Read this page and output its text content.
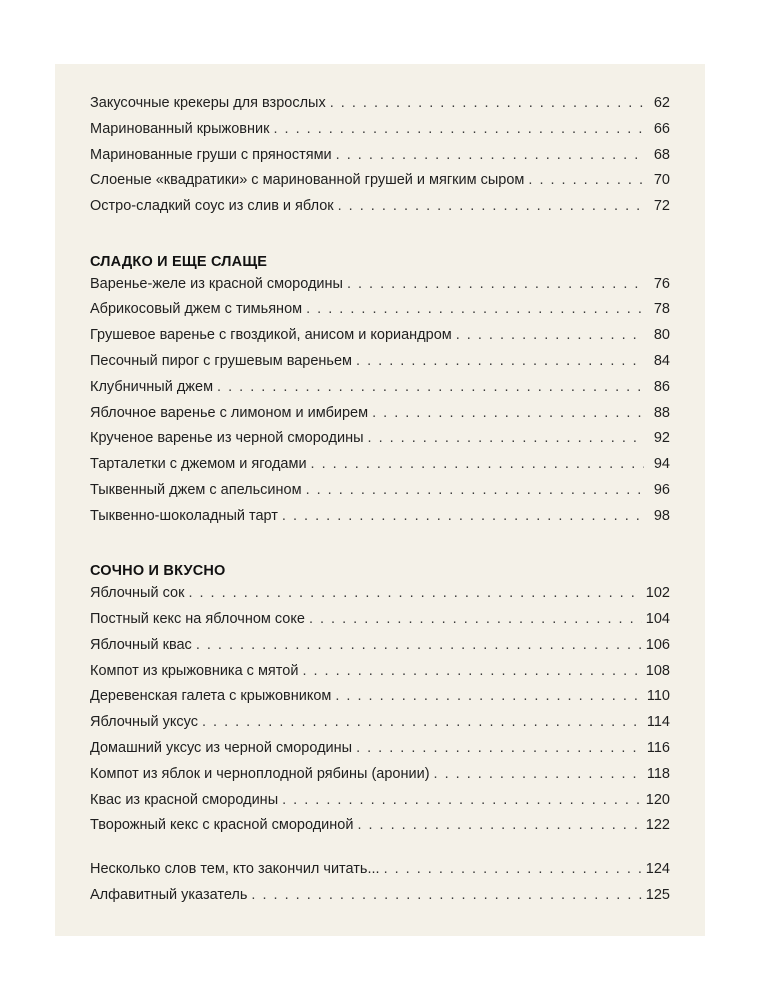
Закусочные крекеры для взрослых . . .	62
Маринованный крыжовник . . .	66
Маринованные груши с пряностями . . .	68
Слоеные «квадратики» с маринованной грушей и мягким сыром . . .	70
Остро-сладкий соус из слив и яблок . . .	72
СЛАДКО И ЕЩЕ СЛАЩЕ
Варенье-желе из красной смородины . . .	76
Абрикосовый джем с тимьяном . . .	78
Грушевое варенье с гвоздикой, анисом и кориандром . . .	80
Песочный пирог с грушевым вареньем . . .	84
Клубничный джем . . .	86
Яблочное варенье с лимоном и имбирем . . .	88
Крученое варенье из черной смородины . . .	92
Тарталетки с джемом и ягодами . . .	94
Тыквенный джем с апельсином . . .	96
Тыквенно-шоколадный тарт . . .	98
СОЧНО И ВКУСНО
Яблочный сок . . .	102
Постный кекс на яблочном соке . . .	104
Яблочный квас . . .	106
Компот из крыжовника с мятой . . .	108
Деревенская галета с крыжовником . . .	110
Яблочный уксус . . .	114
Домашний уксус из черной смородины . . .	116
Компот из яблок и черноплодной рябины (аронии) . . .	118
Квас из красной смородины . . .	120
Творожный кекс с красной смородиной . . .	122
Несколько слов тем, кто закончил читать... . . .	124
Алфавитный указатель . . .	125
